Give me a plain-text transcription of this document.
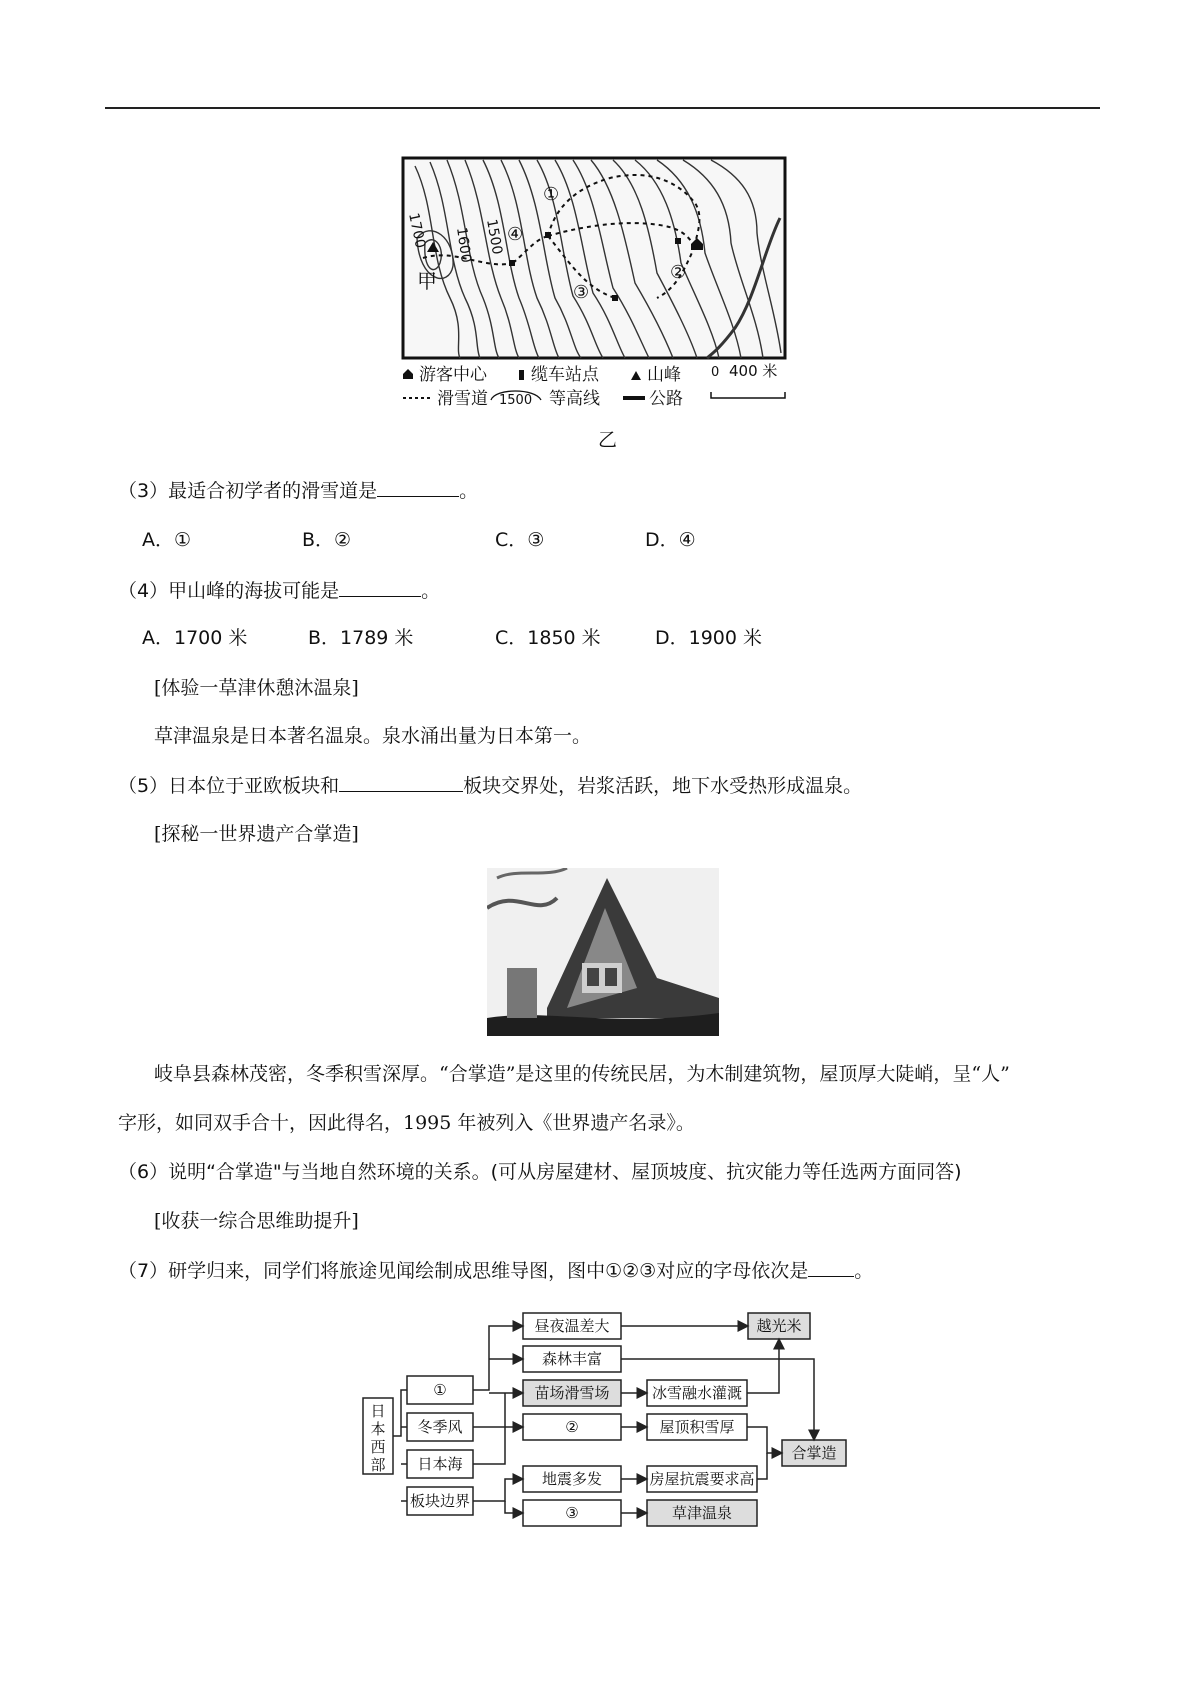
甲
①
②
③
④
1700 1600 1500
游客中心	缆车站点	山峰 0 400 米
滑雪道 1500 等高线	公路
乙
（3）最适合初学者的滑雪道是	。
A．①	B．②	C．③	D．④
（4）甲山峰的海拔可能是	。
A．1700 米	B．1789 米	C．1850 米	D．1900 米
[体验一草津休憩沐温泉]
草津温泉是日本著名温泉。泉水涌出量为日本第一。
（5）日本位于亚欧板块和	板块交界处，岩浆活跃，地下水受热形成温泉。
[探秘一世界遗产合掌造]
岐阜县森林茂密，冬季积雪深厚。“合掌造”是这里的传统民居，为木制建筑物，屋顶厚大陡峭，呈“人”
字形，如同双手合十，因此得名，1995 年被列入《世界遗产名录》。
（6）说明“合掌造"与当地自然环境的关系。(可从房屋建材、屋顶坡度、抗灾能力等任选两方面同答)
[收获一综合思维助提升]
（7）研学归来，同学们将旅途见闻绘制成思维导图，图中①②③对应的字母依次是 。
日
本
西
部
①
冬季风
日本海
板块边界
昼夜温差大
森林丰富
苗场滑雪场
②
地震多发
③
冰雪融水灌溉
屋顶积雪厚
房屋抗震要求高
草津温泉
越光米
合掌造
